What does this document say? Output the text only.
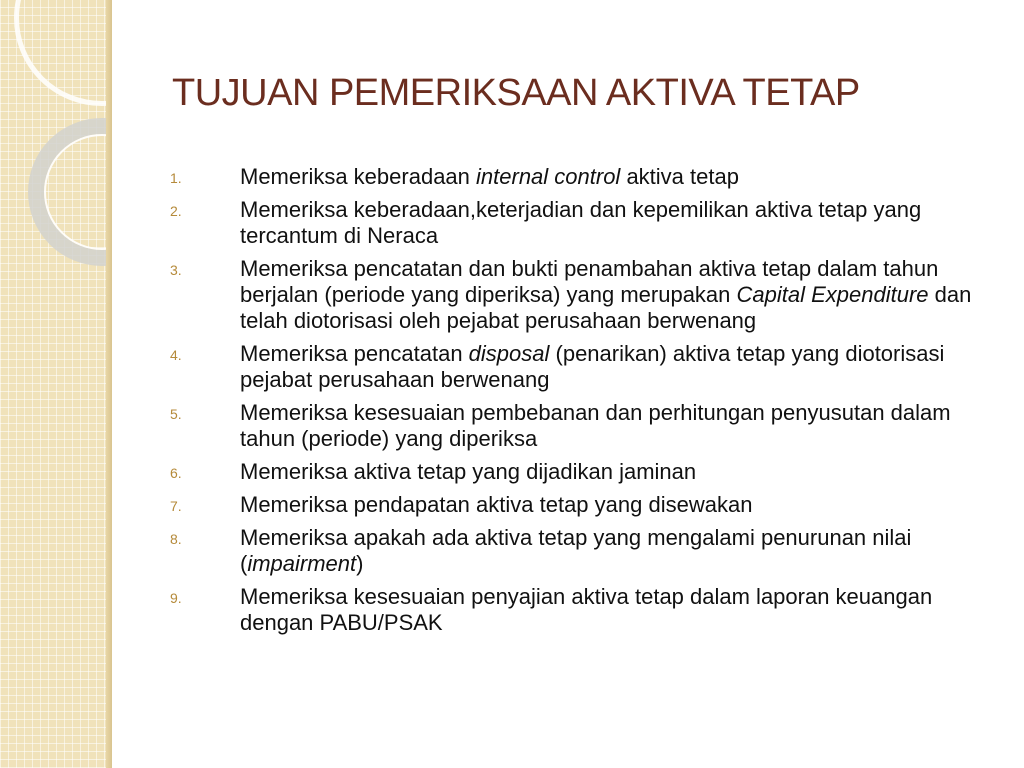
TUJUAN PEMERIKSAAN AKTIVA TETAP
1.	Memeriksa keberadaan internal control aktiva tetap
2.	Memeriksa keberadaan,keterjadian dan kepemilikan aktiva tetap yang tercantum di Neraca
3.	Memeriksa pencatatan dan bukti penambahan aktiva tetap dalam tahun berjalan (periode yang diperiksa) yang merupakan Capital Expenditure dan telah diotorisasi oleh pejabat perusahaan berwenang
4.	Memeriksa pencatatan disposal (penarikan) aktiva tetap yang diotorisasi pejabat perusahaan berwenang
5.	Memeriksa kesesuaian pembebanan dan perhitungan penyusutan dalam tahun (periode) yang diperiksa
6.	Memeriksa aktiva tetap yang dijadikan jaminan
7.	Memeriksa pendapatan aktiva tetap yang disewakan
8.	Memeriksa apakah ada aktiva tetap yang mengalami penurunan nilai (impairment)
9.	Memeriksa kesesuaian penyajian aktiva tetap dalam laporan keuangan dengan PABU/PSAK
